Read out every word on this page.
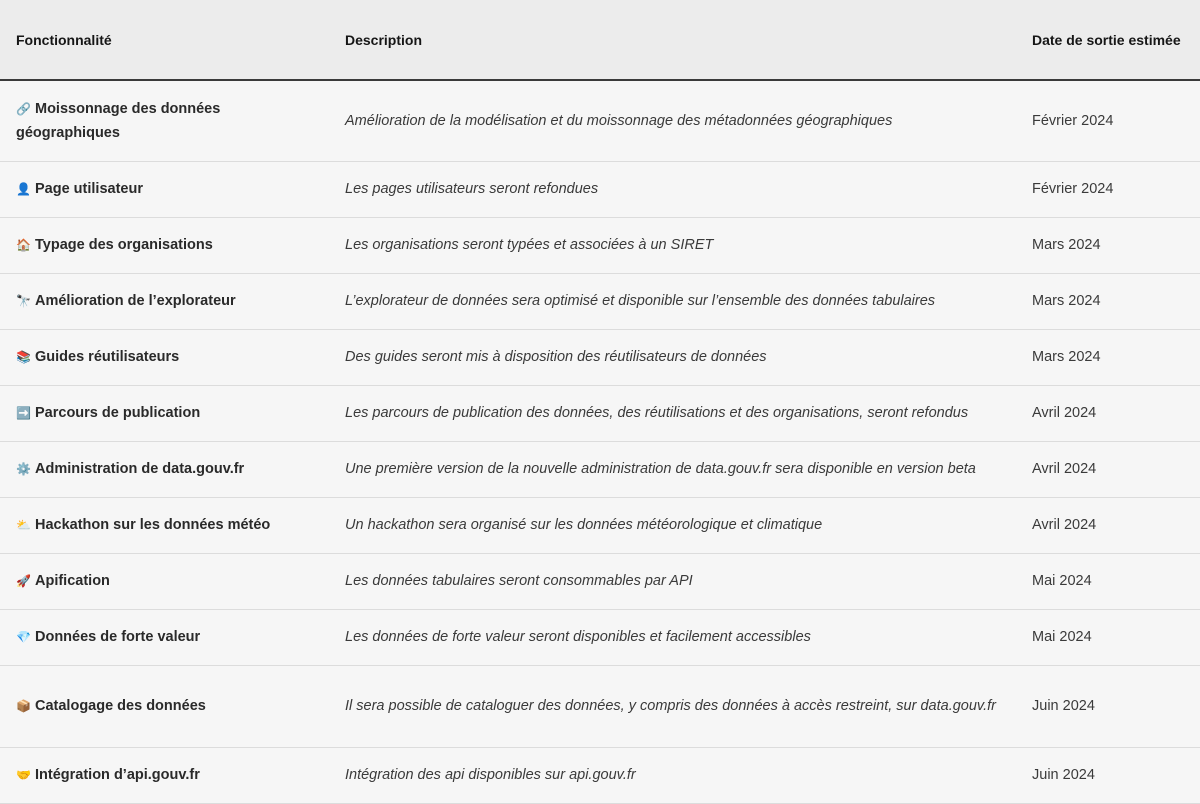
Fonctionnalité	Description	Date de sortie estimée
🔗 Moissonnage des données géographiques	Amélioration de la modélisation et du moissonnage des métadonnées géographiques	Février 2024
👤 Page utilisateur	Les pages utilisateurs seront refondues	Février 2024
🏠 Typage des organisations	Les organisations seront typées et associées à un SIRET	Mars 2024
🔭 Amélioration de l’explorateur	L’explorateur de données sera optimisé et disponible sur l’ensemble des données tabulaires	Mars 2024
📚 Guides réutilisateurs	Des guides seront mis à disposition des réutilisateurs de données	Mars 2024
➡️ Parcours de publication	Les parcours de publication des données, des réutilisations et des organisations, seront refondus	Avril 2024
⚙️ Administration de data.gouv.fr	Une première version de la nouvelle administration de data.gouv.fr sera disponible en version beta	Avril 2024
⛅ Hackathon sur les données météo	Un hackathon sera organisé sur les données météorologique et climatique	Avril 2024
🚀 Apification	Les données tabulaires seront consommables par API	Mai 2024
💎 Données de forte valeur	Les données de forte valeur seront disponibles et facilement accessibles	Mai 2024
📦 Catalogage des données	Il sera possible de cataloguer des données, y compris des données à accès restreint, sur data.gouv.fr	Juin 2024
🤝 Intégration d’api.gouv.fr	Intégration des api disponibles sur api.gouv.fr	Juin 2024
